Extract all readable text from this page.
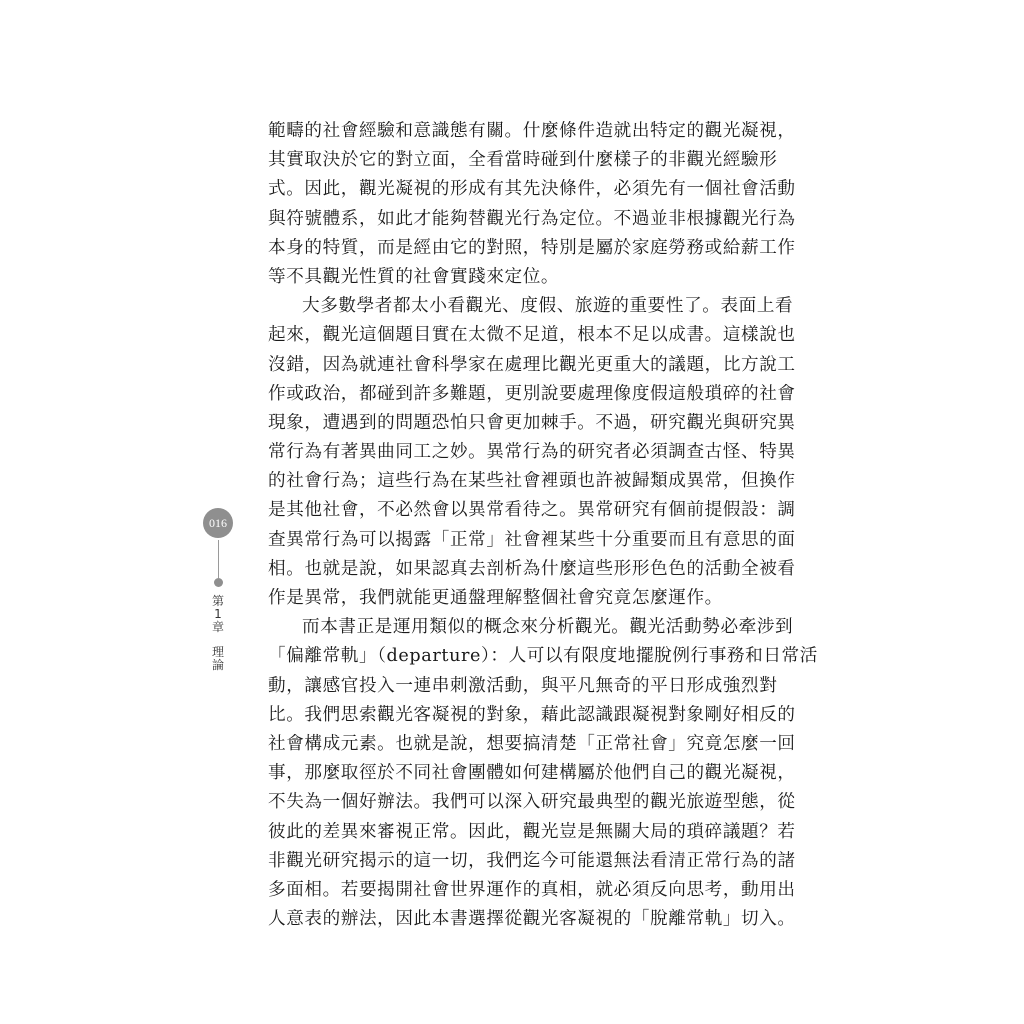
範疇的社會經驗和意識態有關。什麼條件造就出特定的觀光凝視，
其實取決於它的對立面，全看當時碰到什麼樣子的非觀光經驗形
式。因此，觀光凝視的形成有其先決條件，必須先有一個社會活動
與符號體系，如此才能夠替觀光行為定位。不過並非根據觀光行為
本身的特質，而是經由它的對照，特別是屬於家庭勞務或給薪工作
等不具觀光性質的社會實踐來定位。
大多數學者都太小看觀光、度假、旅遊的重要性了。表面上看
起來，觀光這個題目實在太微不足道，根本不足以成書。這樣說也
沒錯，因為就連社會科學家在處理比觀光更重大的議題，比方說工
作或政治，都碰到許多難題，更別說要處理像度假這般瑣碎的社會
現象，遭遇到的問題恐怕只會更加棘手。不過，研究觀光與研究異
常行為有著異曲同工之妙。異常行為的研究者必須調查古怪、特異
的社會行為；這些行為在某些社會裡頭也許被歸類成異常，但換作
是其他社會，不必然會以異常看待之。異常研究有個前提假設：調
查異常行為可以揭露「正常」社會裡某些十分重要而且有意思的面
相。也就是說，如果認真去剖析為什麼這些形形色色的活動全被看
作是異常，我們就能更通盤理解整個社會究竟怎麼運作。
而本書正是運用類似的概念來分析觀光。觀光活動勢必牽涉到
「偏離常軌」（departure）：人可以有限度地擺脫例行事務和日常活
動，讓感官投入一連串刺激活動，與平凡無奇的平日形成強烈對
比。我們思索觀光客凝視的對象，藉此認識跟凝視對象剛好相反的
社會構成元素。也就是說，想要搞清楚「正常社會」究竟怎麼一回
事，那麼取徑於不同社會團體如何建構屬於他們自己的觀光凝視，
不失為一個好辦法。我們可以深入研究最典型的觀光旅遊型態，從
彼此的差異來審視正常。因此，觀光豈是無關大局的瑣碎議題？若
非觀光研究揭示的這一切，我們迄今可能還無法看清正常行為的諸
多面相。若要揭開社會世界運作的真相，就必須反向思考，動用出
人意表的辦法，因此本書選擇從觀光客凝視的「脫離常軌」切入。
016
第
1
章
理
論
